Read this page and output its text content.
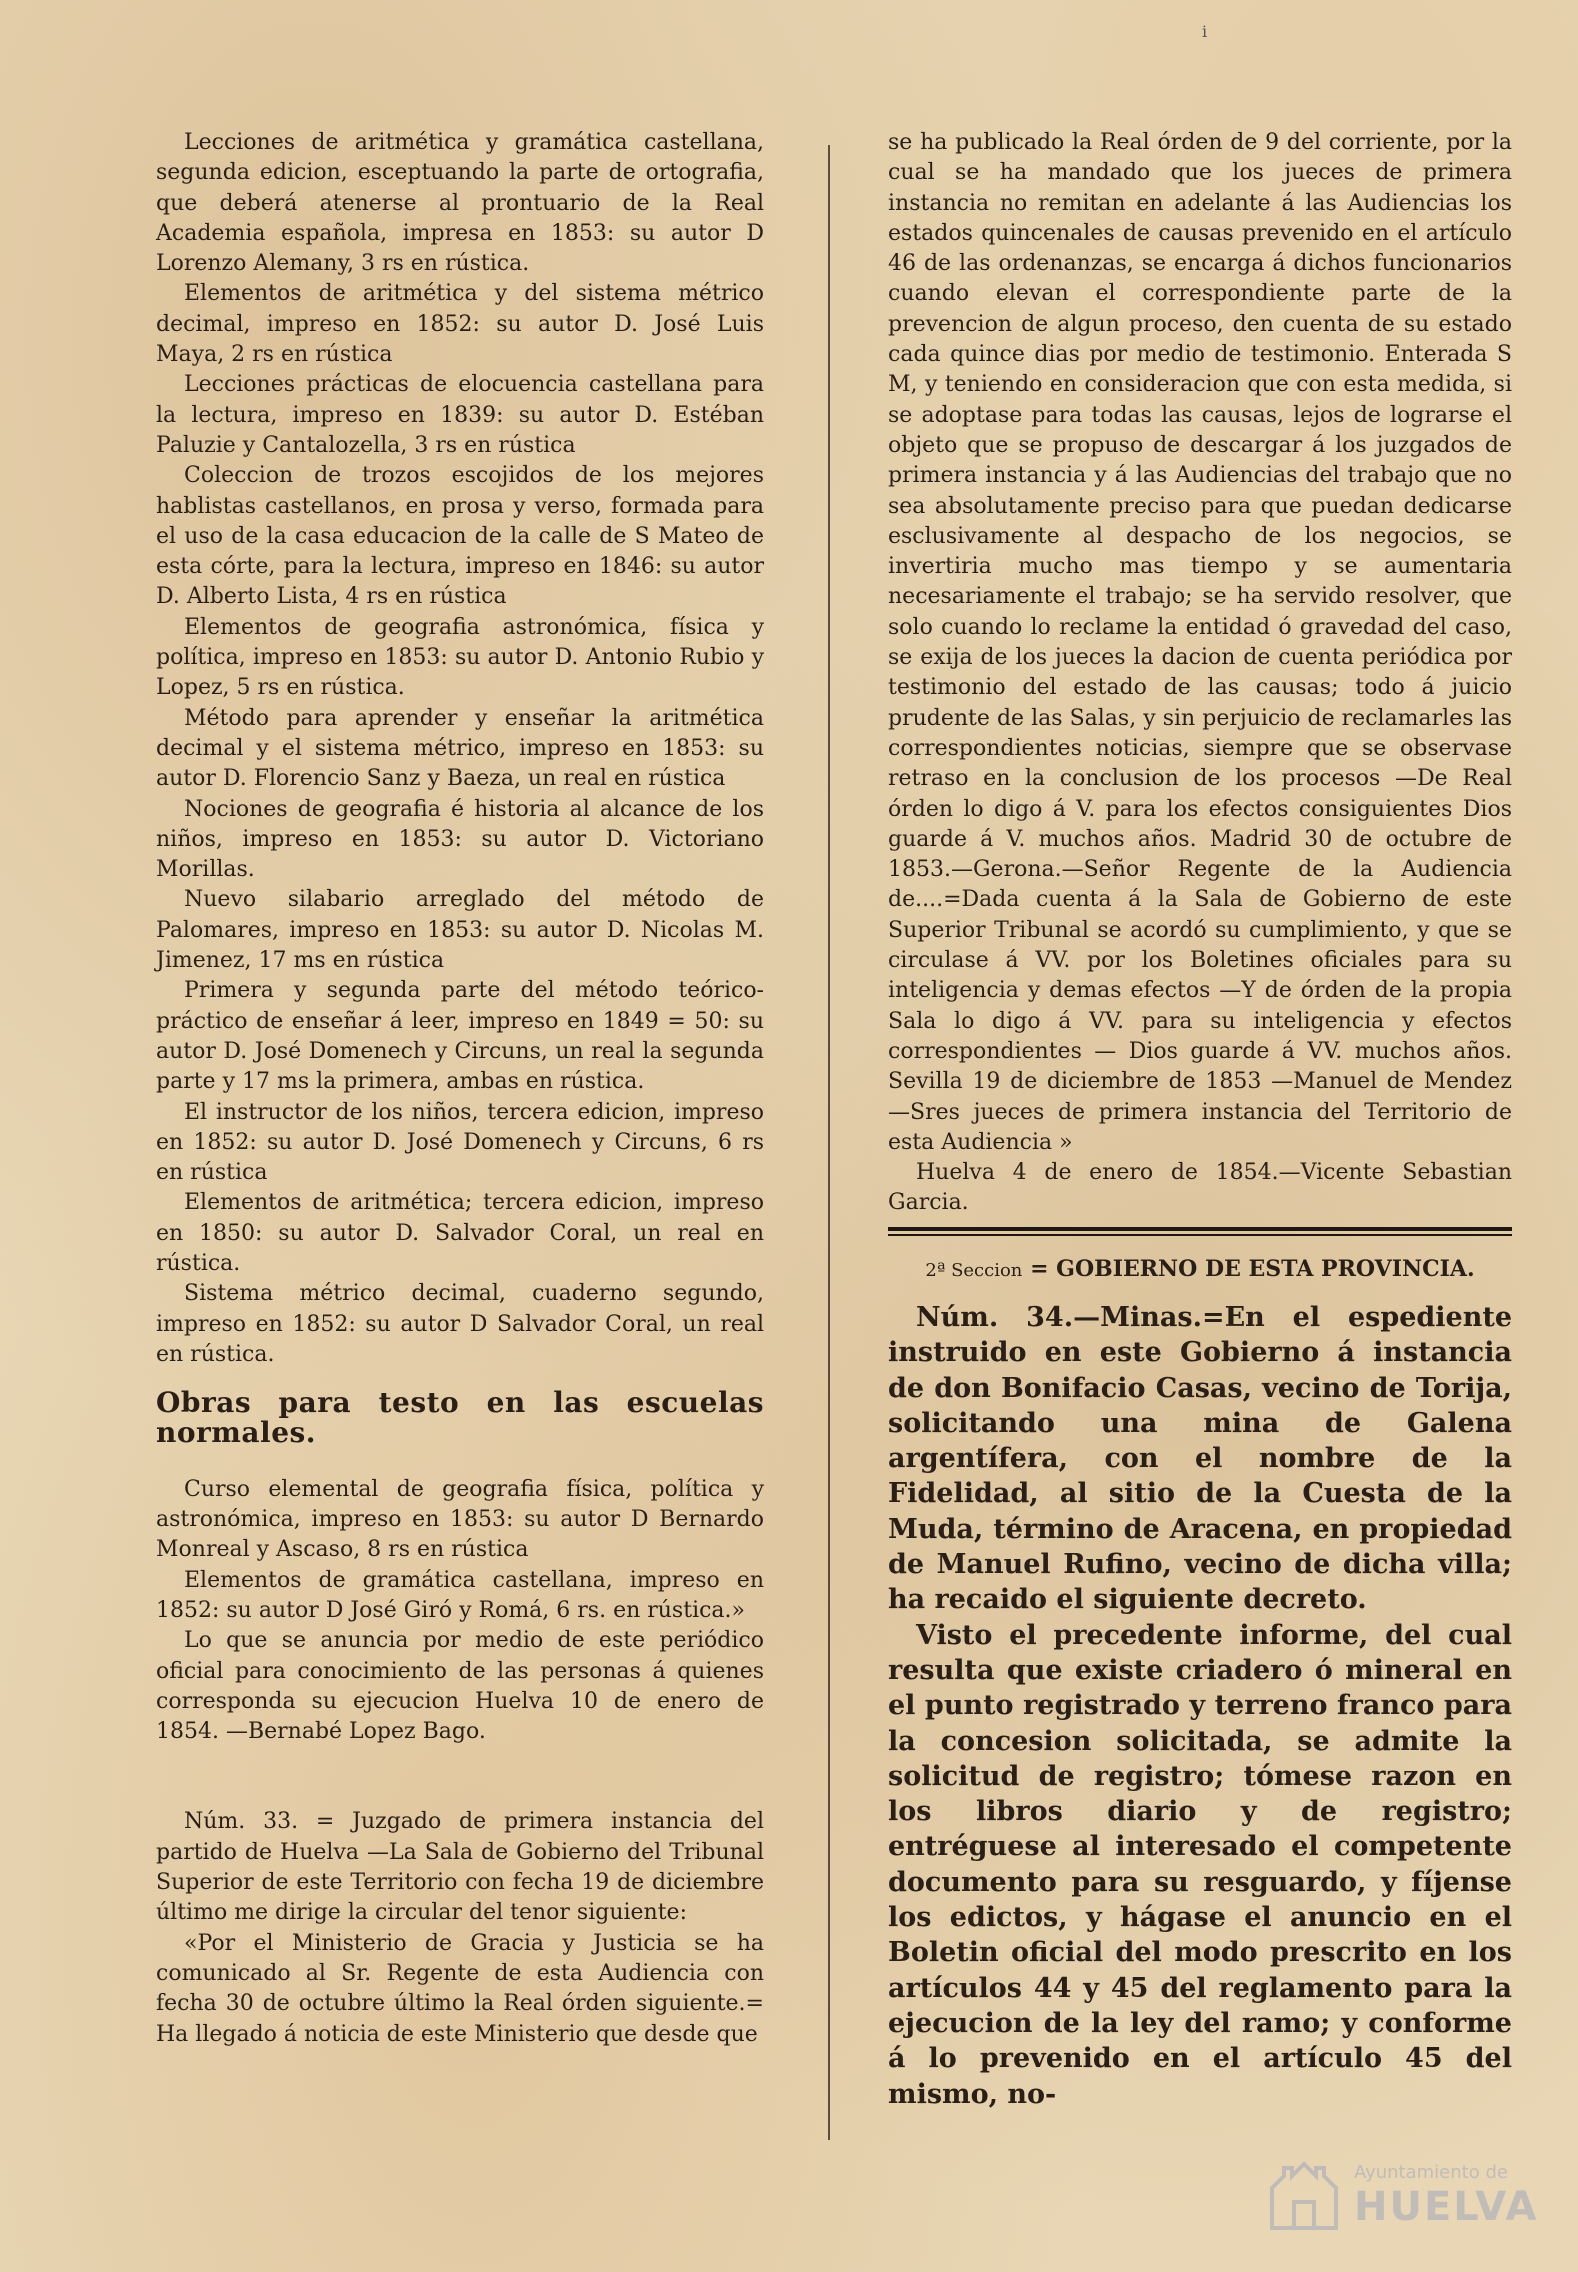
i

Lecciones de aritmética y gramática castellana, segunda edicion, esceptuando la parte de ortografia, que deberá atenerse al prontuario de la Real Academia española, impresa en 1853: su autor D Lorenzo Alemany, 3 rs en rústica.

Elementos de aritmética y del sistema métrico decimal, impreso en 1852: su autor D. José Luis Maya, 2 rs en rústica

Lecciones prácticas de elocuencia castellana para la lectura, impreso en 1839: su autor D. Estéban Paluzie y Cantalozella, 3 rs en rústica

Coleccion de trozos escojidos de los mejores hablistas castellanos, en prosa y verso, formada para el uso de la casa educacion de la calle de S Mateo de esta córte, para la lectura, impreso en 1846: su autor D. Alberto Lista, 4 rs en rústica

Elementos de geografia astronómica, física y política, impreso en 1853: su autor D. Antonio Rubio y Lopez, 5 rs en rústica.

Método para aprender y enseñar la aritmética decimal y el sistema métrico, impreso en 1853: su autor D. Florencio Sanz y Baeza, un real en rústica

Nociones de geografia é historia al alcance de los niños, impreso en 1853: su autor D. Victoriano Morillas.

Nuevo silabario arreglado del método de Palomares, impreso en 1853: su autor D. Nicolas M. Jimenez, 17 ms en rústica

Primera y segunda parte del método teórico-práctico de enseñar á leer, impreso en 1849 = 50: su autor D. José Domenech y Circuns, un real la segunda parte y 17 ms la primera, ambas en rústica.

El instructor de los niños, tercera edicion, impreso en 1852: su autor D. José Domenech y Circuns, 6 rs en rústica

Elementos de aritmética; tercera edicion, impreso en 1850: su autor D. Salvador Coral, un real en rústica.

Sistema métrico decimal, cuaderno segundo, impreso en 1852: su autor D Salvador Coral, un real en rústica.

Obras para testo en las escuelas normales.

Curso elemental de geografia física, política y astronómica, impreso en 1853: su autor D Bernardo Monreal y Ascaso, 8 rs en rústica

Elementos de gramática castellana, impreso en 1852: su autor D José Giró y Romá, 6 rs. en rústica.»

Lo que se anuncia por medio de este periódico oficial para conocimiento de las personas á quienes corresponda su ejecucion Huelva 10 de enero de 1854. —Bernabé Lopez Bago.

Núm. 33. = Juzgado de primera instancia del partido de Huelva —La Sala de Gobierno del Tribunal Superior de este Territorio con fecha 19 de diciembre último me dirige la circular del tenor siguiente:

«Por el Ministerio de Gracia y Justicia se ha comunicado al Sr. Regente de esta Audiencia con fecha 30 de octubre último la Real órden siguiente.= Ha llegado á noticia de este Ministerio que desde que

se ha publicado la Real órden de 9 del corriente, por la cual se ha mandado que los jueces de primera instancia no remitan en adelante á las Audiencias los estados quincenales de causas prevenido en el artículo 46 de las ordenanzas, se encarga á dichos funcionarios cuando elevan el correspondiente parte de la prevencion de algun proceso, den cuenta de su estado cada quince dias por medio de testimonio. Enterada S M, y teniendo en consideracion que con esta medida, si se adoptase para todas las causas, lejos de lograrse el objeto que se propuso de descargar á los juzgados de primera instancia y á las Audiencias del trabajo que no sea absolutamente preciso para que puedan dedicarse esclusivamente al despacho de los negocios, se invertiria mucho mas tiempo y se aumentaria necesariamente el trabajo; se ha servido resolver, que solo cuando lo reclame la entidad ó gravedad del caso, se exija de los jueces la dacion de cuenta periódica por testimonio del estado de las causas; todo á juicio prudente de las Salas, y sin perjuicio de reclamarles las correspondientes noticias, siempre que se observase retraso en la conclusion de los procesos —De Real órden lo digo á V. para los efectos consiguientes Dios guarde á V. muchos años. Madrid 30 de octubre de 1853.—Gerona.—Señor Regente de la Audiencia de....=Dada cuenta á la Sala de Gobierno de este Superior Tribunal se acordó su cumplimiento, y que se circulase á VV. por los Boletines oficiales para su inteligencia y demas efectos —Y de órden de la propia Sala lo digo á VV. para su inteligencia y efectos correspondientes — Dios guarde á VV. muchos años. Sevilla 19 de diciembre de 1853 —Manuel de Mendez —Sres jueces de primera instancia del Territorio de esta Audiencia »

Huelva 4 de enero de 1854.—Vicente Sebastian Garcia.

2ª Seccion = GOBIERNO DE ESTA PROVINCIA.

Núm. 34.—Minas.=En el espediente instruido en este Gobierno á instancia de don Bonifacio Casas, vecino de Torija, solicitando una mina de Galena argentífera, con el nombre de la Fidelidad, al sitio de la Cuesta de la Muda, término de Aracena, en propiedad de Manuel Rufino, vecino de dicha villa; ha recaido el siguiente decreto.

Visto el precedente informe, del cual resulta que existe criadero ó mineral en el punto registrado y terreno franco para la concesion solicitada, se admite la solicitud de registro; tómese razon en los libros diario y de registro; entréguese al interesado el competente documento para su resguardo, y fíjense los edictos, y hágase el anuncio en el Boletin oficial del modo prescrito en los artículos 44 y 45 del reglamento para la ejecucion de la ley del ramo; y conforme á lo prevenido en el artículo 45 del mismo, no-

Ayuntamiento de
HUELVA
